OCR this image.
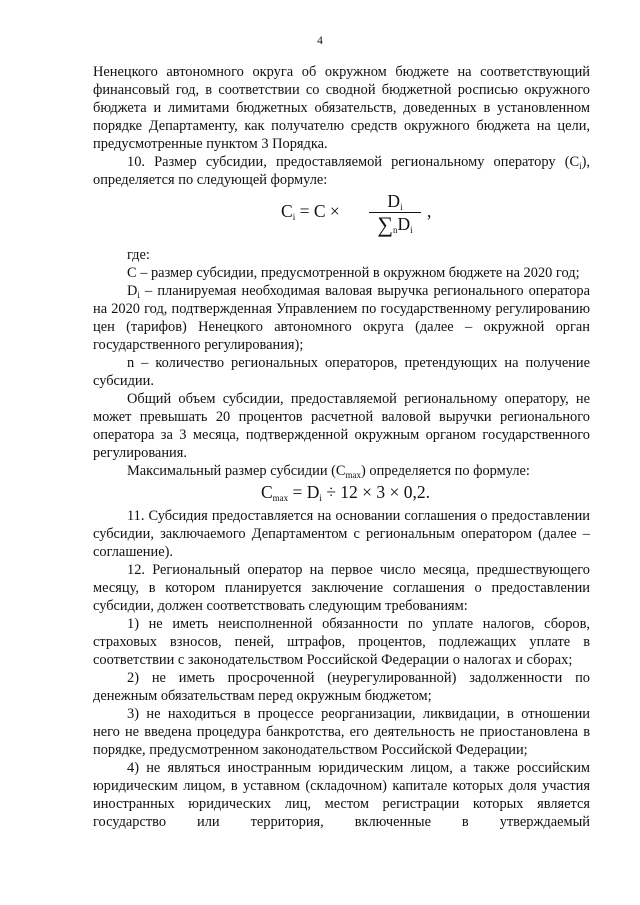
4

Ненецкого автономного округа об окружном бюджете на соответствующий финансовый год, в соответствии со сводной бюджетной росписью окружного бюджета и лимитами бюджетных обязательств, доведенных в установленном порядке Департаменту, как получателю средств окружного бюджета на цели, предусмотренные пунктом 3 Порядка.

10. Размер субсидии, предоставляемой региональному оператору $(С_i)$, определяется по следующей формуле:

$C_i = C$ ×	$D_i$
$\sum_nD_i$
,

где:

С – размер субсидии, предусмотренной в окружном бюджете на 2020 год;

$D_i$ – планируемая необходимая валовая выручка регионального оператора на 2020 год, подтвержденная Управлением по государственному регулированию цен (тарифов) Ненецкого автономного округа (далее – окружной орган государственного регулирования);

n – количество региональных операторов, претендующих на получение субсидии.

Общий объем субсидии, предоставляемой региональному оператору, не может превышать 20 процентов расчетной валовой выручки регионального оператора за 3 месяца, подтвержденной окружным органом государственного регулирования.

Максимальный размер субсидии $(С_{max})$ определяется по формуле:

$C_{max} = D_i \div 12 \times 3 \times 0,2$.

11. Субсидия предоставляется на основании соглашения о предоставлении субсидии, заключаемого Департаментом с региональным оператором (далее – соглашение).

12. Региональный оператор на первое число месяца, предшествующего месяцу, в котором планируется заключение соглашения о предоставлении субсидии, должен соответствовать следующим требованиям:

1) не иметь неисполненной обязанности по уплате налогов, сборов, страховых взносов, пеней, штрафов, процентов, подлежащих уплате в соответствии с законодательством Российской Федерации о налогах и сборах;

2) не иметь просроченной (неурегулированной) задолженности по денежным обязательствам перед окружным бюджетом;

3) не находиться в процессе реорганизации, ликвидации, в отношении него не введена процедура банкротства, его деятельность не приостановлена в порядке, предусмотренном законодательством Российской Федерации;

4) не являться иностранным юридическим лицом, а также российским юридическим лицом, в уставном (складочном) капитале которых доля участия иностранных юридических лиц, местом регистрации которых является государство или территория, включенные в утверждаемый
